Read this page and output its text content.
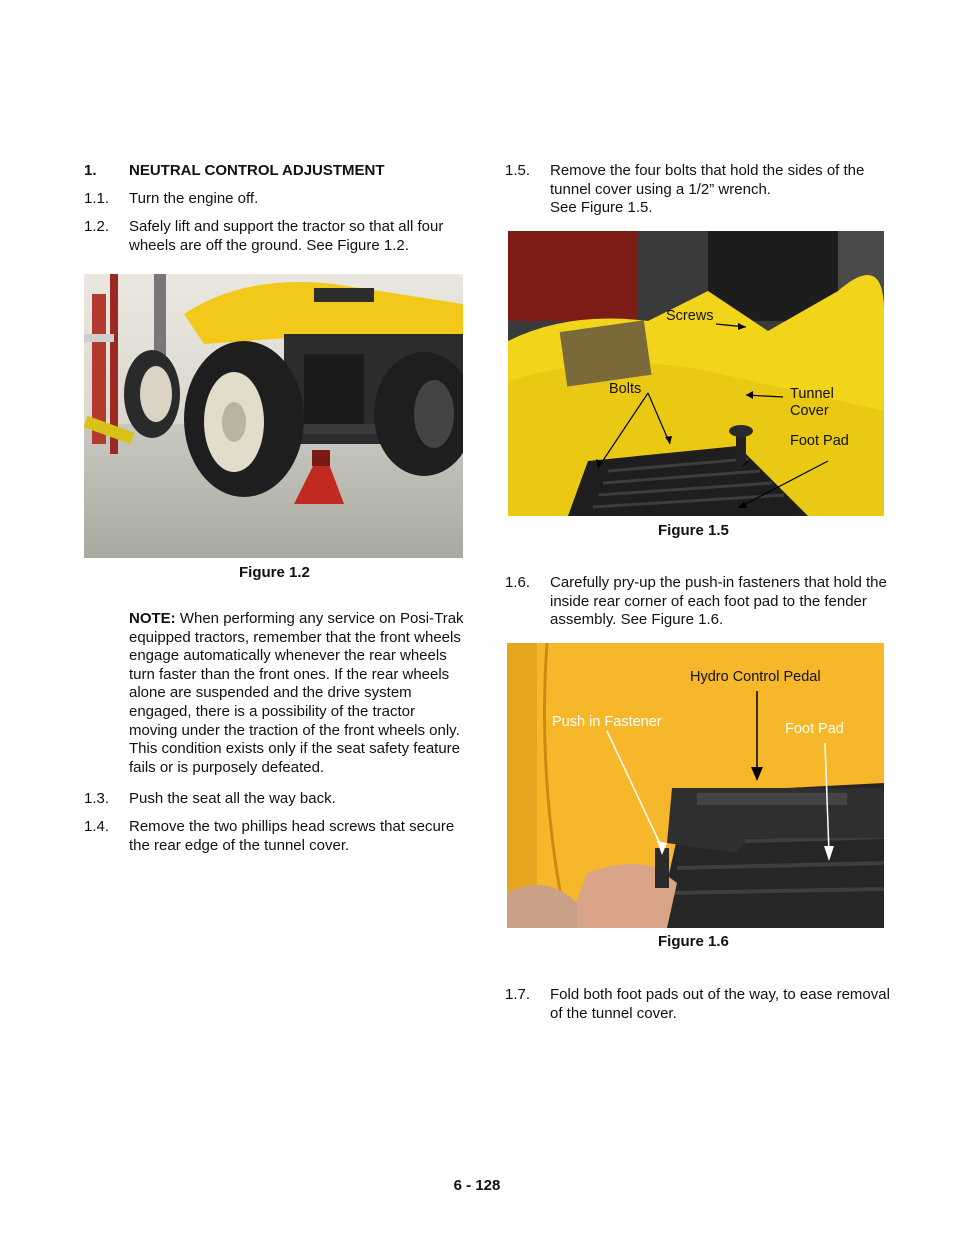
1. NEUTRAL CONTROL ADJUSTMENT
1.1. Turn the engine off.
1.2. Safely lift and support the tractor so that all four wheels are off the ground. See Figure 1.2.
Figure 1.2
NOTE: When performing any service on Posi-Trak equipped tractors, remember that the front wheels engage automatically whenever the rear wheels turn faster than the front ones. If the rear wheels alone are suspended and the drive system engaged, there is a possibility of the tractor moving under the traction of the front wheels only. This condition exists only if the seat safety feature fails or is purposely defeated.
1.3. Push the seat all the way back.
1.4. Remove the two phillips head screws that secure the rear edge of the tunnel cover.
1.5. Remove the four bolts that hold the sides of the tunnel cover using a 1/2” wrench.
See Figure 1.5.
Screws
Bolts	Tunnel
Cover
Foot Pad
Figure 1.5
1.6. Carefully pry-up the push-in fasteners that hold the inside rear corner of each foot pad to the fender assembly. See Figure 1.6.
Hydro Control Pedal
Push in Fastener	Foot Pad
Figure 1.6
1.7. Fold both foot pads out of the way, to ease removal of the tunnel cover.
6 - 128
